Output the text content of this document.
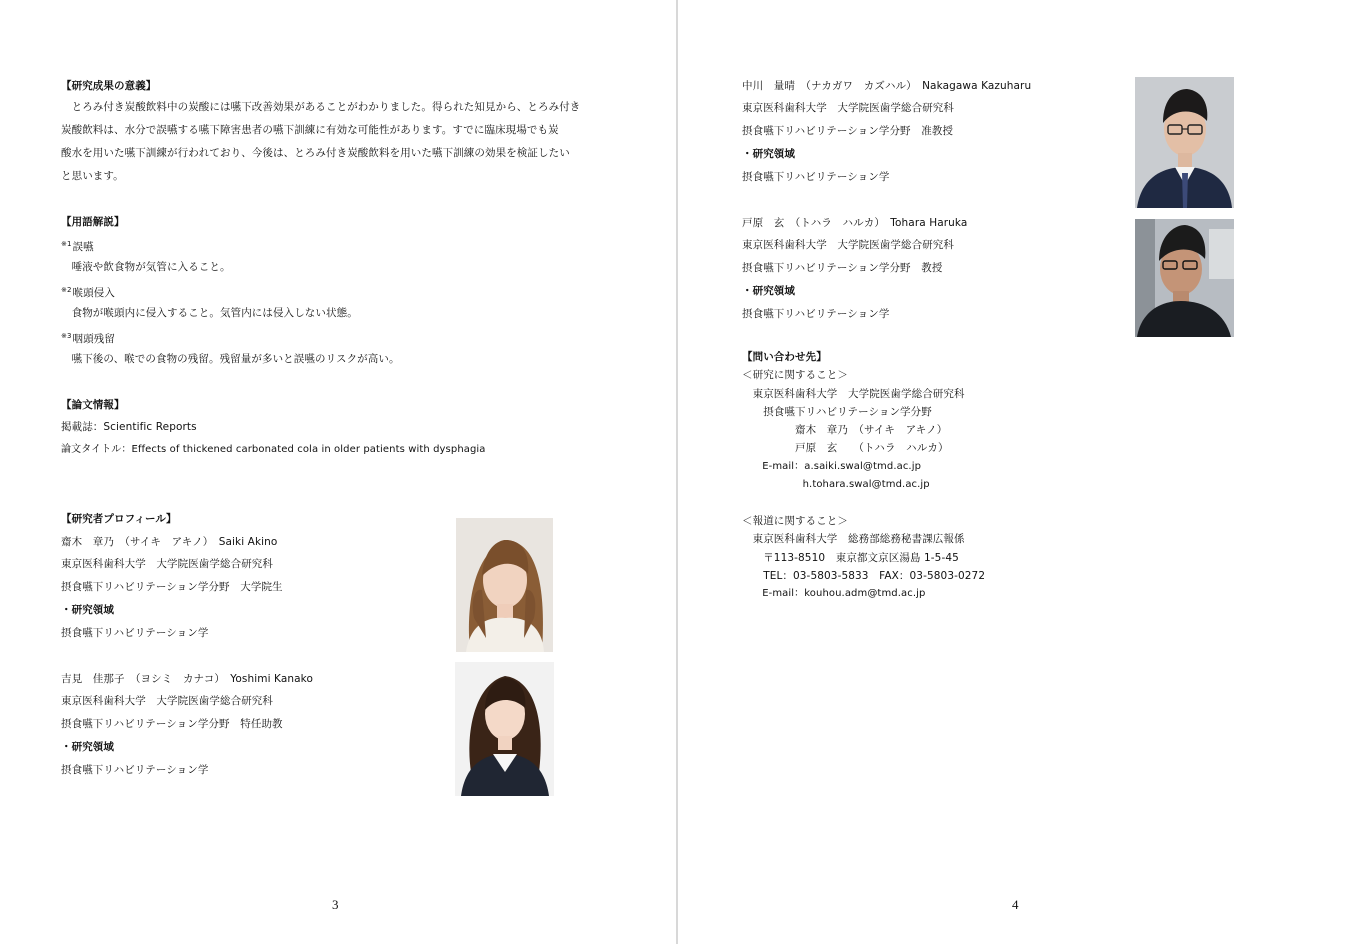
【研究成果の意義】
　とろみ付き炭酸飲料中の炭酸には嚥下改善効果があることがわかりました。得られた知見から、とろみ付き
炭酸飲料は、水分で誤嚥する嚥下障害患者の嚥下訓練に有効な可能性があります。すでに臨床現場でも炭
酸水を用いた嚥下訓練が行われており、今後は、とろみ付き炭酸飲料を用いた嚥下訓練の効果を検証したい
と思います。
【用語解説】
$^{※1}$誤嚥
　唾液や飲食物が気管に入ること。
$^{※2}$喉頭侵入
　食物が喉頭内に侵入すること。気管内には侵入しない状態。
$^{※3}$咽頭残留
　嚥下後の、喉での食物の残留。残留量が多いと誤嚥のリスクが高い。
【論文情報】
掲載誌：Scientific Reports
論文タイトル：Effects of thickened carbonated cola in older patients with dysphagia
【研究者プロフィール】
齋木　章乃　（サイキ　アキノ）　Saiki Akino
東京医科歯科大学　大学院医歯学総合研究科
摂食嚥下リハビリテーション学分野　大学院生
・研究領域
摂食嚥下リハビリテーション学
吉見　佳那子　（ヨシミ　カナコ）　Yoshimi Kanako
東京医科歯科大学　大学院医歯学総合研究科
摂食嚥下リハビリテーション学分野　特任助教
・研究領域
摂食嚥下リハビリテーション学
3
中川　量晴　（ナカガワ　カズハル）　Nakagawa Kazuharu
東京医科歯科大学　大学院医歯学総合研究科
摂食嚥下リハビリテーション学分野　准教授
・研究領域
摂食嚥下リハビリテーション学
戸原　玄　（トハラ　ハルカ）　Tohara Haruka
東京医科歯科大学　大学院医歯学総合研究科
摂食嚥下リハビリテーション学分野　教授
・研究領域
摂食嚥下リハビリテーション学
【問い合わせ先】
＜研究に関すること＞
　東京医科歯科大学　大学院医歯学総合研究科
　　摂食嚥下リハビリテーション学分野
　　　　　齋木　章乃　（サイキ　アキノ）
　　　　　戸原　玄　　（トハラ　ハルカ）
　　E-mail：a.saiki.swal@tmd.ac.jp
　　　　　　h.tohara.swal@tmd.ac.jp
＜報道に関すること＞
　東京医科歯科大学　総務部総務秘書課広報係
　　〒113-8510　東京都文京区湯島 1-5-45
　　TEL：03-5803-5833　FAX：03-5803-0272
　　E-mail：kouhou.adm@tmd.ac.jp
4
